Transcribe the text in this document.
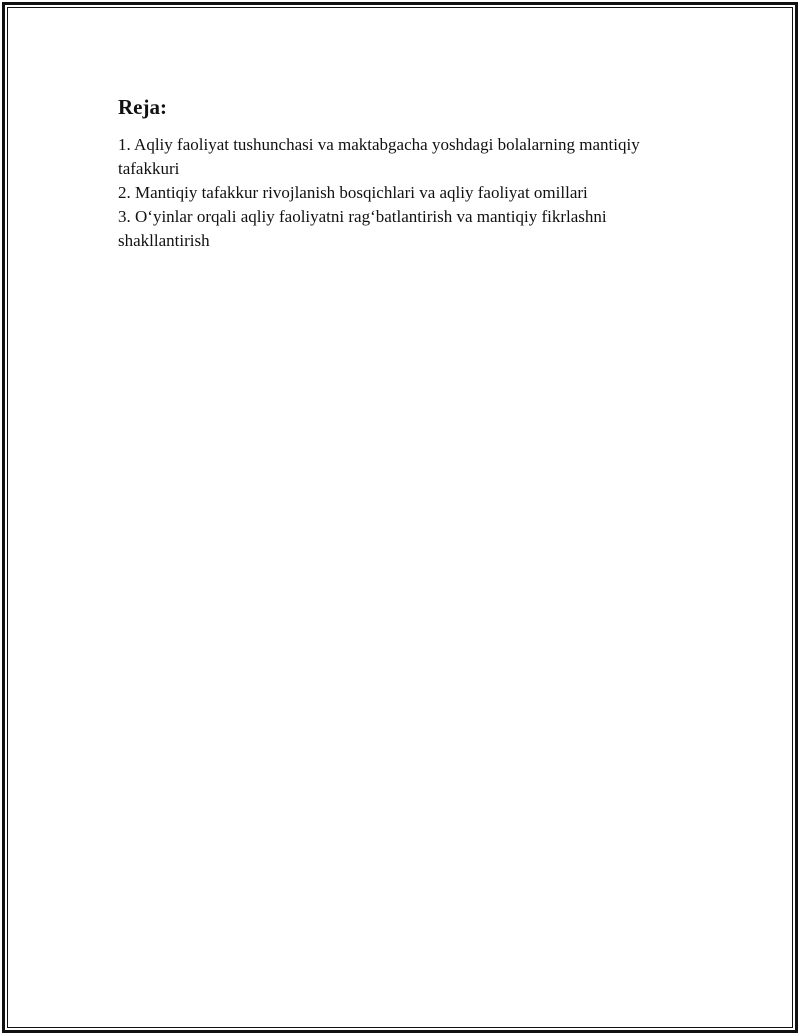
Reja:
1. Aqliy faoliyat tushunchasi va maktabgacha yoshdagi bolalarning mantiqiy tafakkuri
2. Mantiqiy tafakkur rivojlanish bosqichlari va aqliy faoliyat omillari
3. O‘yinlar orqali aqliy faoliyatni rag‘batlantirish va mantiqiy fikrlashni shakllantirish
